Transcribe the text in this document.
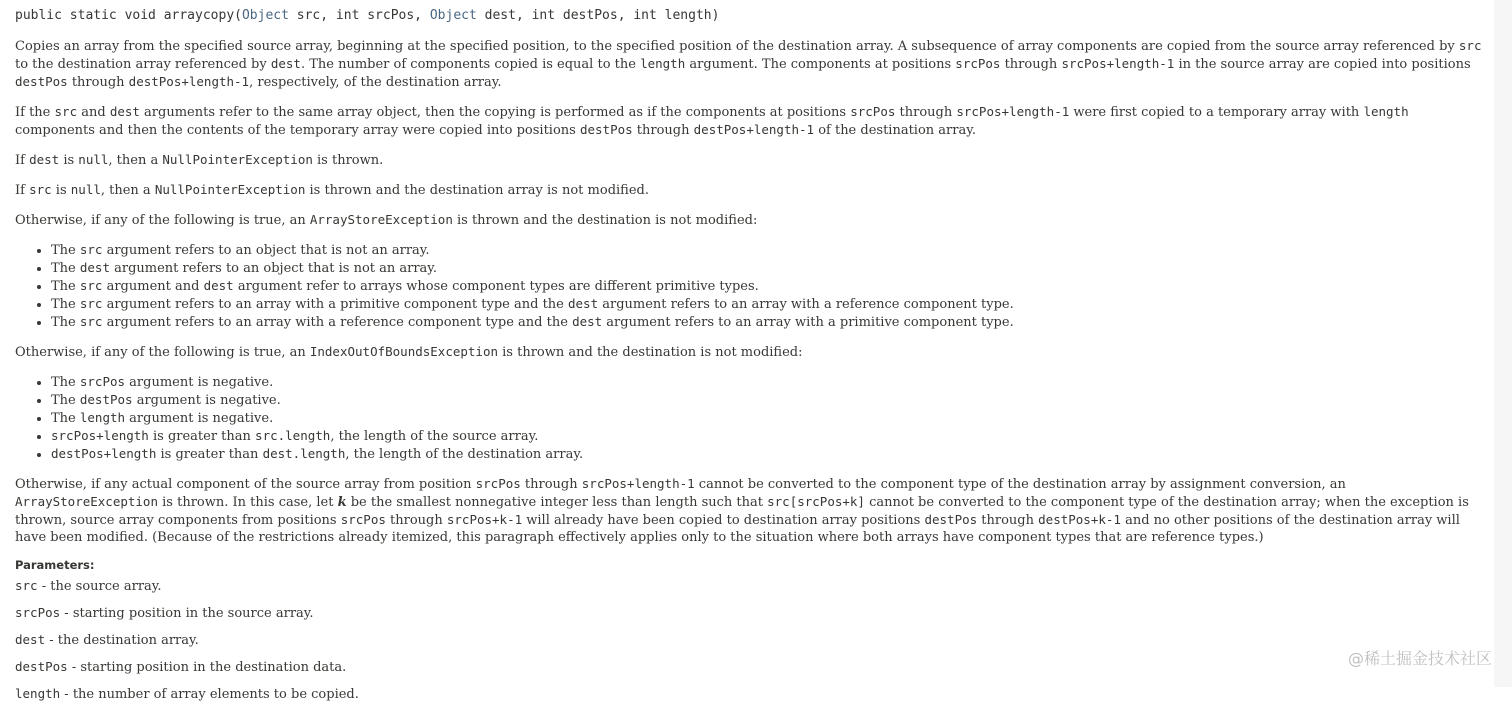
public static void arraycopy(Object src, int srcPos, Object dest, int destPos, int length)

Copies an array from the specified source array, beginning at the specified position, to the specified position of the destination array. A subsequence of array components are copied from the source array referenced by src to the destination array referenced by dest. The number of components copied is equal to the length argument. The components at positions srcPos through srcPos+length-1 in the source array are copied into positions destPos through destPos+length-1, respectively, of the destination array.

If the src and dest arguments refer to the same array object, then the copying is performed as if the components at positions srcPos through srcPos+length-1 were first copied to a temporary array with length components and then the contents of the temporary array were copied into positions destPos through destPos+length-1 of the destination array.

If dest is null, then a NullPointerException is thrown.

If src is null, then a NullPointerException is thrown and the destination array is not modified.

Otherwise, if any of the following is true, an ArrayStoreException is thrown and the destination is not modified:

• The src argument refers to an object that is not an array.
• The dest argument refers to an object that is not an array.
• The src argument and dest argument refer to arrays whose component types are different primitive types.
• The src argument refers to an array with a primitive component type and the dest argument refers to an array with a reference component type.
• The src argument refers to an array with a reference component type and the dest argument refers to an array with a primitive component type.

Otherwise, if any of the following is true, an IndexOutOfBoundsException is thrown and the destination is not modified:

• The srcPos argument is negative.
• The destPos argument is negative.
• The length argument is negative.
• srcPos+length is greater than src.length, the length of the source array.
• destPos+length is greater than dest.length, the length of the destination array.

Otherwise, if any actual component of the source array from position srcPos through srcPos+length-1 cannot be converted to the component type of the destination array by assignment conversion, an ArrayStoreException is thrown. In this case, let k be the smallest nonnegative integer less than length such that src[srcPos+k] cannot be converted to the component type of the destination array; when the exception is thrown, source array components from positions srcPos through srcPos+k-1 will already have been copied to destination array positions destPos through destPos+k-1 and no other positions of the destination array will have been modified. (Because of the restrictions already itemized, this paragraph effectively applies only to the situation where both arrays have component types that are reference types.)

Parameters:
src - the source array.
srcPos - starting position in the source array.
dest - the destination array.
destPos - starting position in the destination data.
length - the number of array elements to be copied.
@稀土掘金技术社区
